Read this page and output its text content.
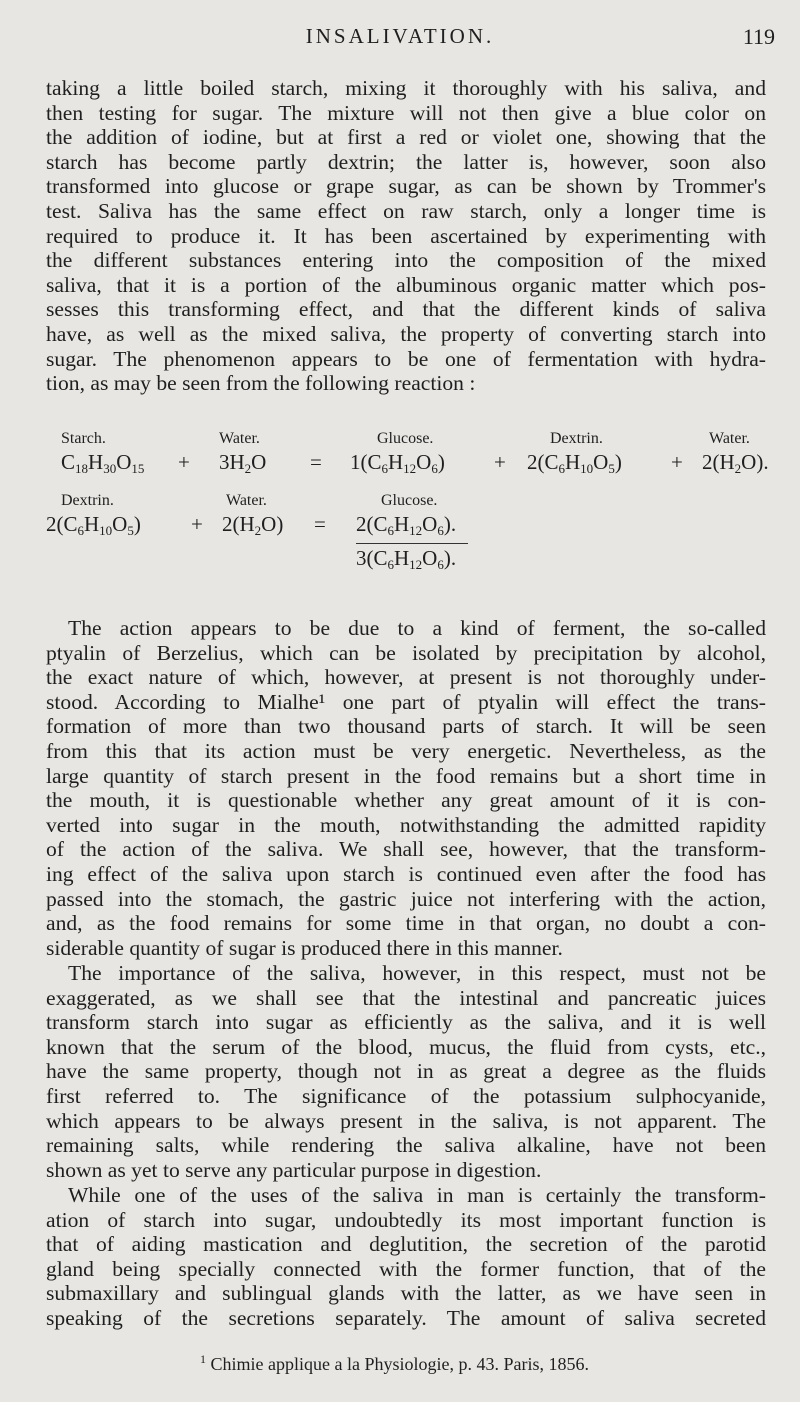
INSALIVATION.	119

taking a little boiled starch, mixing it thoroughly with his saliva, and
then testing for sugar. The mixture will not then give a blue color on
the addition of iodine, but at first a red or violet one, showing that the
starch has become partly dextrin; the latter is, however, soon also
transformed into glucose or grape sugar, as can be shown by Trommer's
test. Saliva has the same effect on raw starch, only a longer time is
required to produce it. It has been ascertained by experimenting with
the different substances entering into the composition of the mixed
saliva, that it is a portion of the albuminous organic matter which pos-
sesses this transforming effect, and that the different kinds of saliva
have, as well as the mixed saliva, the property of converting starch into
sugar. The phenomenon appears to be one of fermentation with hydra-
tion, as may be seen from the following reaction :

Starch.	Water.	Glucose.	Dextrin.	Water.
$C_{18}H_{30}O_{15} + 3H_2O = 1(C_6H_{12}O_6) + 2(C_6H_{10}O_5) + 2(H_2O)$.
Dextrin.	Water.	Glucose.
$2(C_6H_{10}O_5) + 2(H_2O) = 2(C_6H_{12}O_6)$.
$3(C_6H_{12}O_6)$.

The action appears to be due to a kind of ferment, the so-called
ptyalin of Berzelius, which can be isolated by precipitation by alcohol,
the exact nature of which, however, at present is not thoroughly under-
stood. According to Mialhe¹ one part of ptyalin will effect the trans-
formation of more than two thousand parts of starch. It will be seen
from this that its action must be very energetic. Nevertheless, as the
large quantity of starch present in the food remains but a short time in
the mouth, it is questionable whether any great amount of it is con-
verted into sugar in the mouth, notwithstanding the admitted rapidity
of the action of the saliva. We shall see, however, that the transform-
ing effect of the saliva upon starch is continued even after the food has
passed into the stomach, the gastric juice not interfering with the action,
and, as the food remains for some time in that organ, no doubt a con-
siderable quantity of sugar is produced there in this manner.

The importance of the saliva, however, in this respect, must not be
exaggerated, as we shall see that the intestinal and pancreatic juices
transform starch into sugar as efficiently as the saliva, and it is well
known that the serum of the blood, mucus, the fluid from cysts, etc.,
have the same property, though not in as great a degree as the fluids
first referred to. The significance of the potassium sulphocyanide,
which appears to be always present in the saliva, is not apparent. The
remaining salts, while rendering the saliva alkaline, have not been
shown as yet to serve any particular purpose in digestion.

While one of the uses of the saliva in man is certainly the transform-
ation of starch into sugar, undoubtedly its most important function is
that of aiding mastication and deglutition, the secretion of the parotid
gland being specially connected with the former function, that of the
submaxillary and sublingual glands with the latter, as we have seen in
speaking of the secretions separately. The amount of saliva secreted

$^1$ Chimie applique a la Physiologie, p. 43. Paris, 1856.
